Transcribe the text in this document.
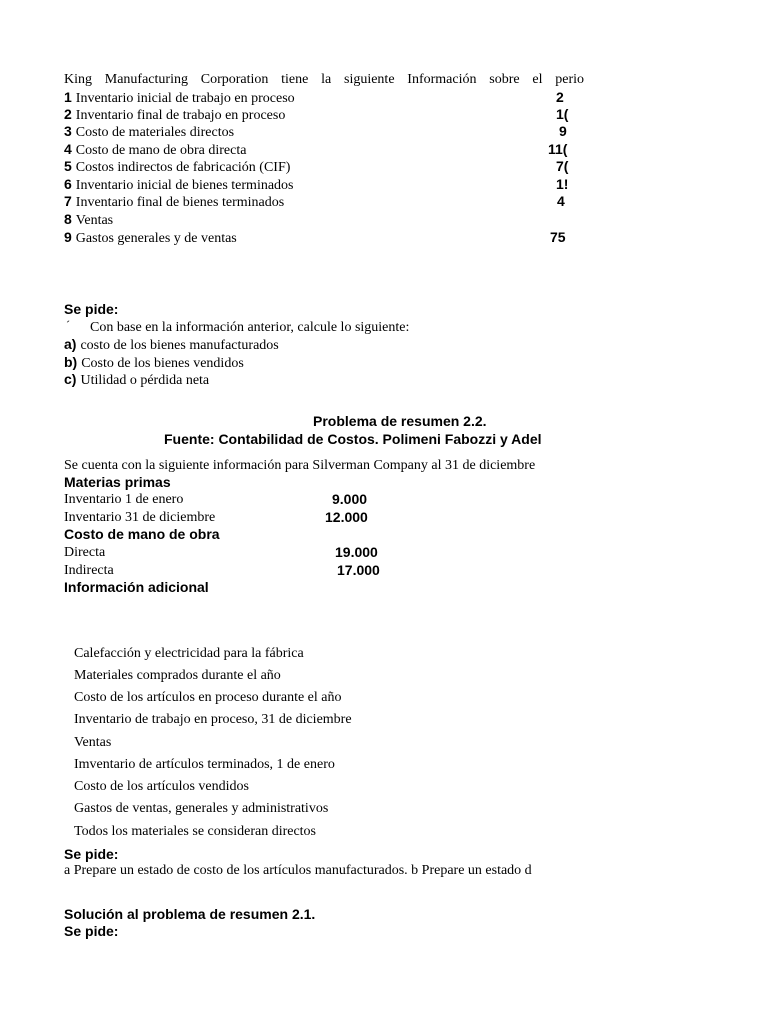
King Manufacturing Corporation tiene la siguiente Información sobre el perio
1 Inventario inicial de trabajo en proceso	2
2 Inventario final de trabajo en proceso	1(
3 Costo de materiales directos	9
4 Costo de mano de obra directa	11(
5 Costos indirectos de fabricación (CIF)	7(
6 Inventario inicial de bienes terminados	1!
7 Inventario final de bienes terminados	4
8 Ventas
9 Gastos generales y de ventas	75
Se pide:
´ Con base en la información anterior, calcule lo siguiente:
a) costo de los bienes manufacturados
b) Costo de los bienes vendidos
c) Utilidad o pérdida neta
Problema de resumen 2.2.
Fuente: Contabilidad de Costos. Polimeni Fabozzi y Adel
Se cuenta con la siguiente información para Silverman Company al 31 de diciembre
Materias primas
Inventario 1 de enero	9.000
Inventario 31 de diciembre	12.000
Costo de mano de obra
Directa	19.000
Indirecta	17.000
Información adicional
Calefacción y electricidad para la fábrica
Materiales comprados durante el año
Costo de los artículos en proceso durante el año
Inventario de trabajo en proceso, 31 de diciembre
Ventas
Imventario de artículos terminados, 1 de enero
Costo de los artículos vendidos
Gastos de ventas, generales y administrativos
Todos los materiales se consideran directos
Se pide:
a Prepare un estado de costo de los artículos manufacturados. b Prepare un estado d
Solución al problema de resumen 2.1.
Se pide:
